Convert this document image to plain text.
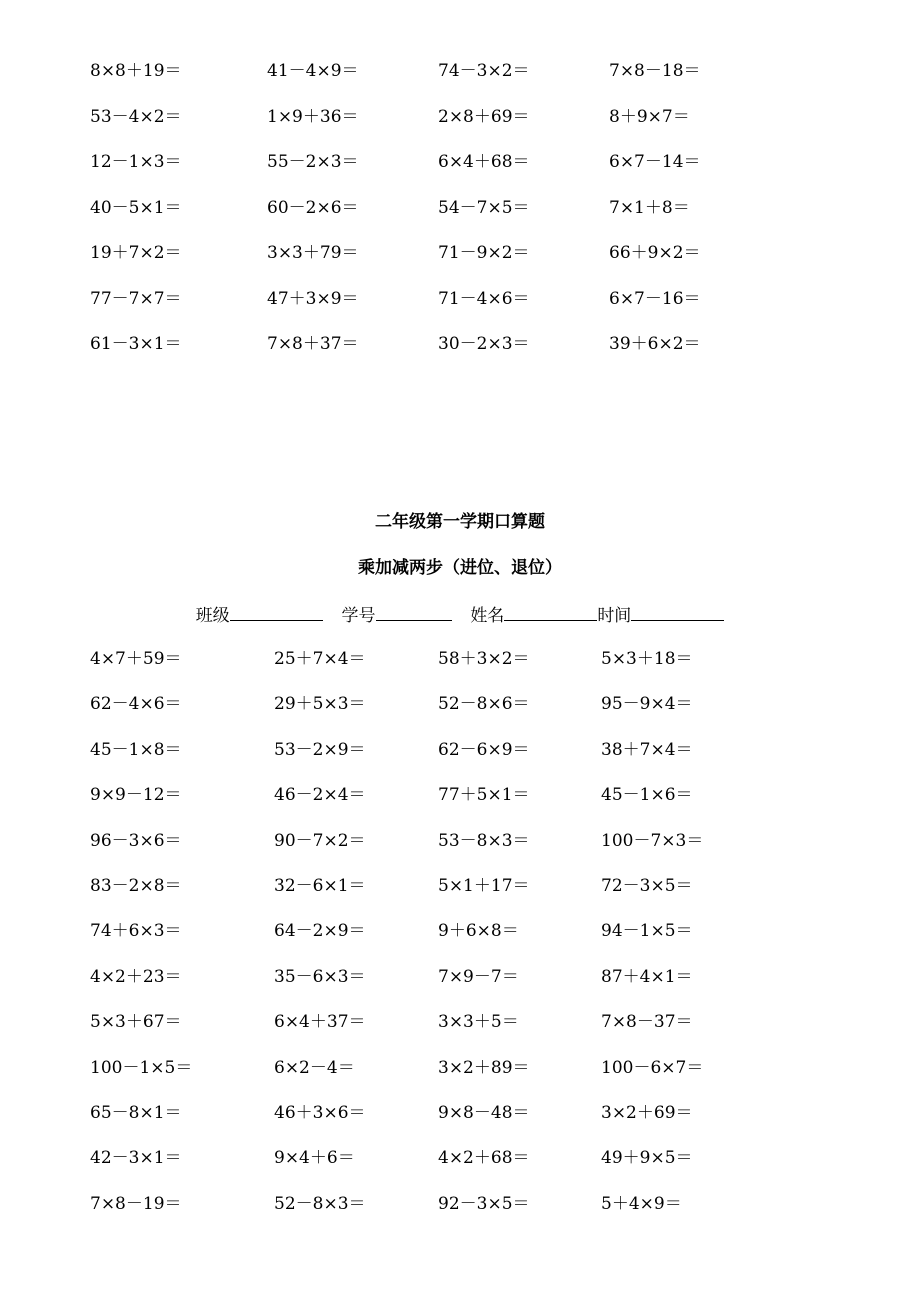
8×8＋19＝	41－4×9＝	74－3×2＝	7×8－18＝
53－4×2＝	1×9＋36＝	2×8＋69＝	8＋9×7＝
12－1×3＝	55－2×3＝	6×4＋68＝	6×7－14＝
40－5×1＝	60－2×6＝	54－7×5＝	7×1＋8＝
19＋7×2＝	3×3＋79＝	71－9×2＝	66＋9×2＝
77－7×7＝	47＋3×9＝	71－4×6＝	6×7－16＝
61－3×1＝	7×8＋37＝	30－2×3＝	39＋6×2＝
二年级第一学期口算题
乘加减两步（进位、退位）
班级	学号	姓名	时间
4×7＋59＝	25＋7×4＝	58＋3×2＝	5×3＋18＝
62－4×6＝	29＋5×3＝	52－8×6＝	95－9×4＝
45－1×8＝	53－2×9＝	62－6×9＝	38＋7×4＝
9×9－12＝	46－2×4＝	77＋5×1＝	45－1×6＝
96－3×6＝	90－7×2＝	53－8×3＝	100－7×3＝
83－2×8＝	32－6×1＝	5×1＋17＝	72－3×5＝
74＋6×3＝	64－2×9＝	9＋6×8＝	94－1×5＝
4×2＋23＝	35－6×3＝	7×9－7＝	87＋4×1＝
5×3＋67＝	6×4＋37＝	3×3＋5＝	7×8－37＝
100－1×5＝	6×2－4＝	3×2＋89＝	100－6×7＝
65－8×1＝	46＋3×6＝	9×8－48＝	3×2＋69＝
42－3×1＝	9×4＋6＝	4×2＋68＝	49＋9×5＝
7×8－19＝	52－8×3＝	92－3×5＝	5＋4×9＝
